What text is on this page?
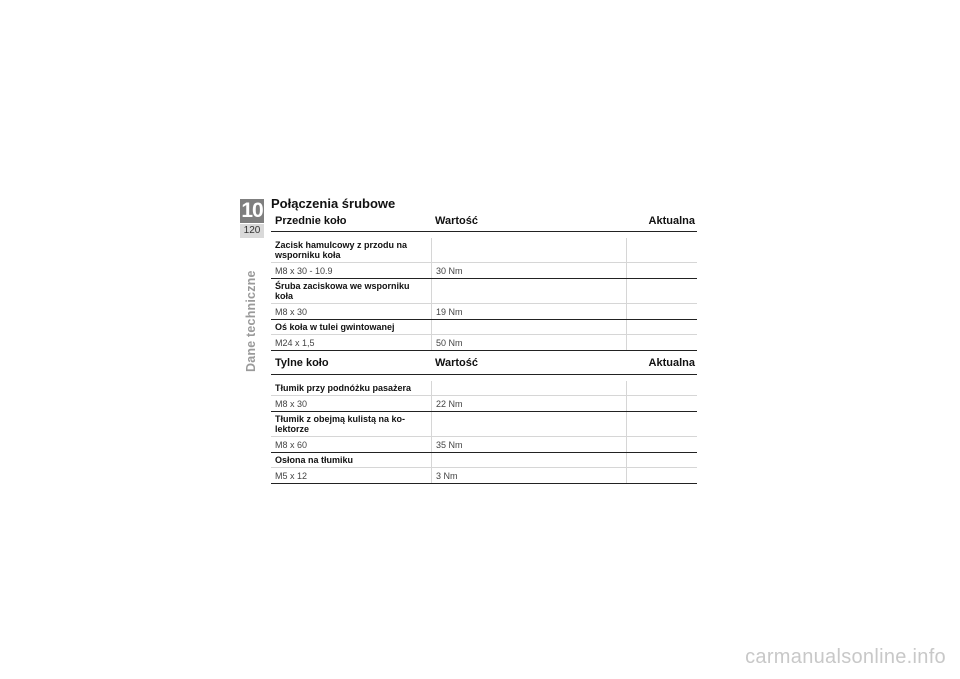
10
120
Dane techniczne
Połączenia śrubowe
Przednie koło	Wartość	Aktualna
Zacisk hamulcowy z przodu na wsporniku koła
M8 x 30 - 10.9	30 Nm
Śruba zaciskowa we wsporniku koła
M8 x 30	19 Nm
Oś koła w tulei gwintowanej
M24 x 1,5	50 Nm
Tylne koło	Wartość	Aktualna
Tłumik przy podnóżku pasażera
M8 x 30	22 Nm
Tłumik z obejmą kulistą na ko-lektorze
M8 x 60	35 Nm
Osłona na tłumiku
M5 x 12	3 Nm
carmanualsonline.info
